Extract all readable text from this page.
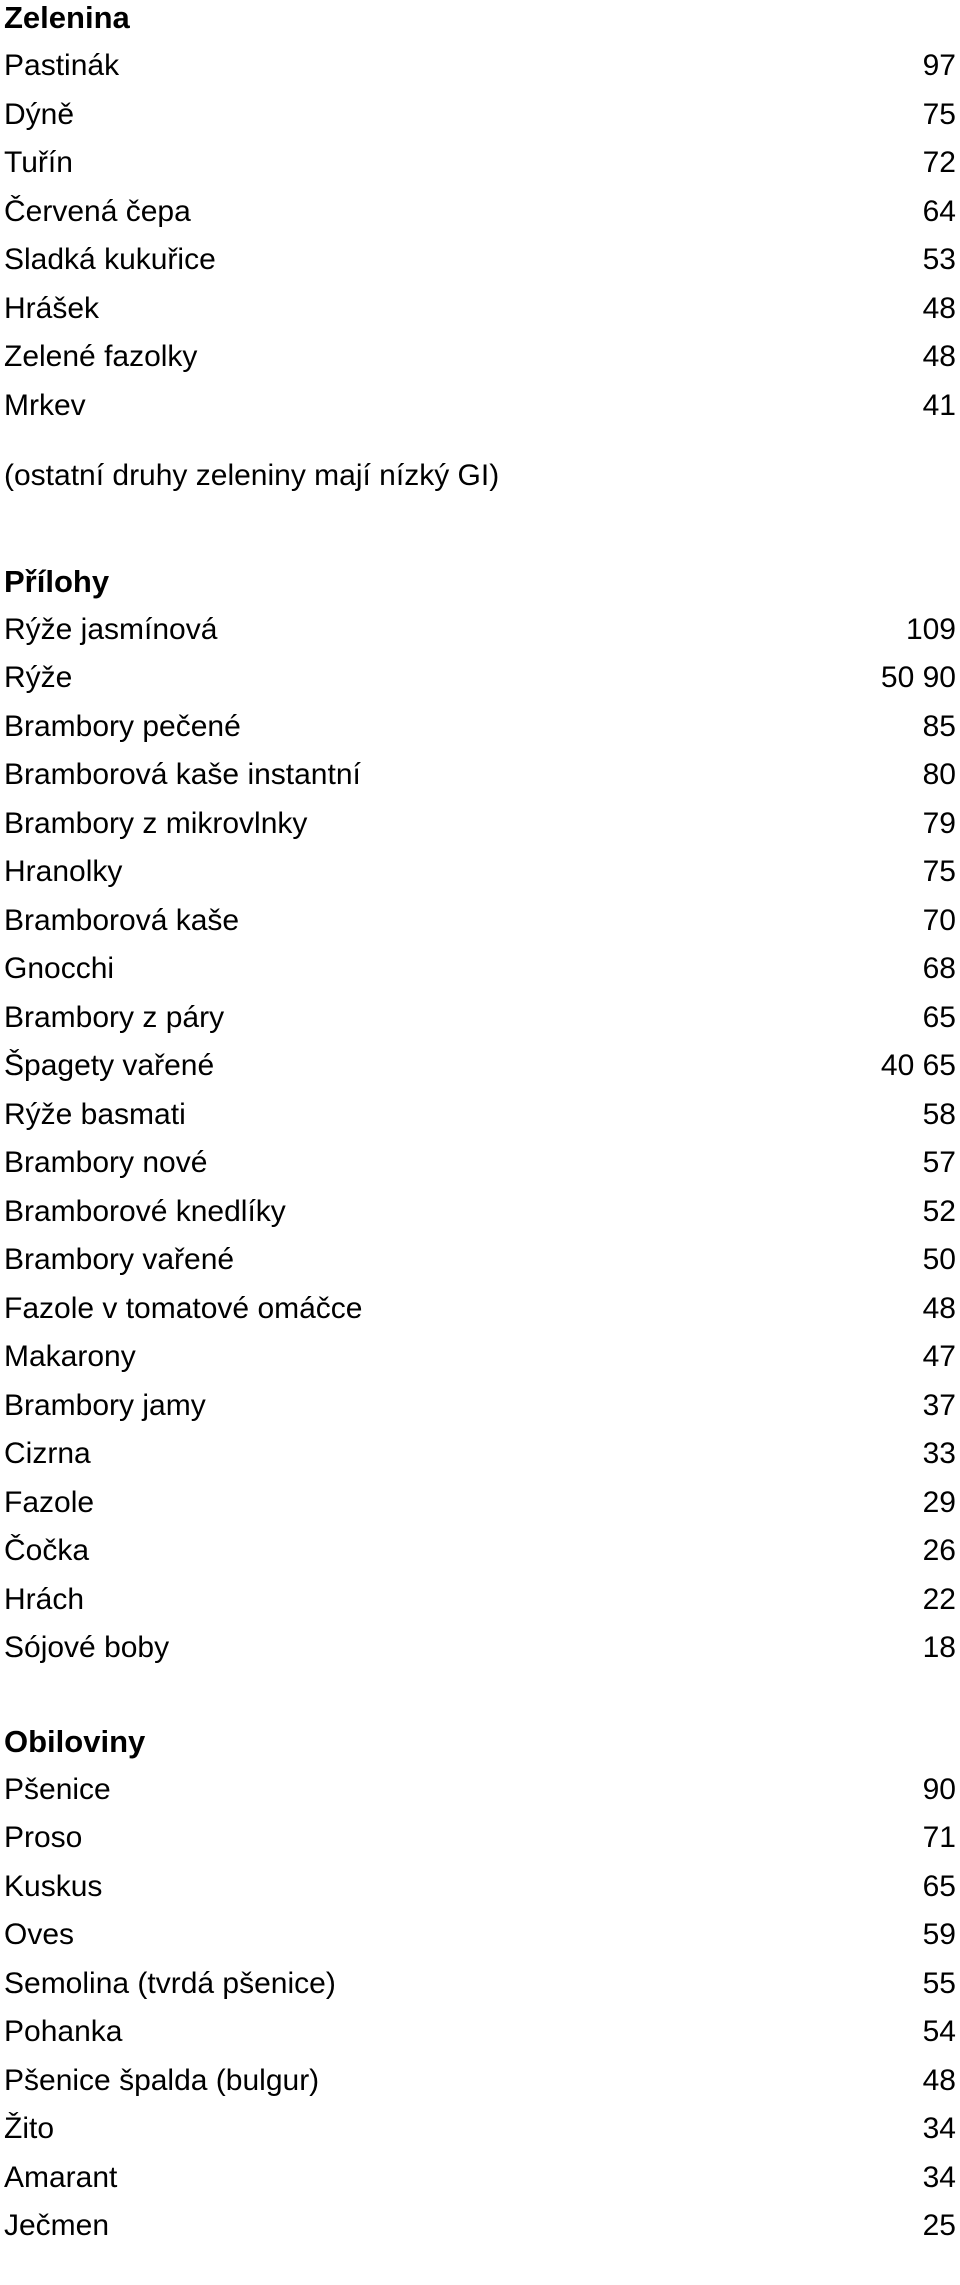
Zelenina
Pastinák	97
Dýně	75
Tuřín	72
Červená čepa	64
Sladká kukuřice	53
Hrášek	48
Zelené fazolky	48
Mrkev	41
(ostatní druhy zeleniny mají nízký GI)
Přílohy
Rýže jasmínová	109
Rýže	50 90
Brambory pečené	85
Bramborová kaše instantní	80
Brambory z mikrovlnky	79
Hranolky	75
Bramborová kaše	70
Gnocchi	68
Brambory z páry	65
Špagety vařené	40 65
Rýže basmati	58
Brambory nové	57
Bramborové knedlíky	52
Brambory vařené	50
Fazole v tomatové omáčce	48
Makarony	47
Brambory jamy	37
Cizrna	33
Fazole	29
Čočka	26
Hrách	22
Sójové boby	18
Obiloviny
Pšenice	90
Proso	71
Kuskus	65
Oves	59
Semolina (tvrdá pšenice)	55
Pohanka	54
Pšenice špalda (bulgur)	48
Žito	34
Amarant	34
Ječmen	25
